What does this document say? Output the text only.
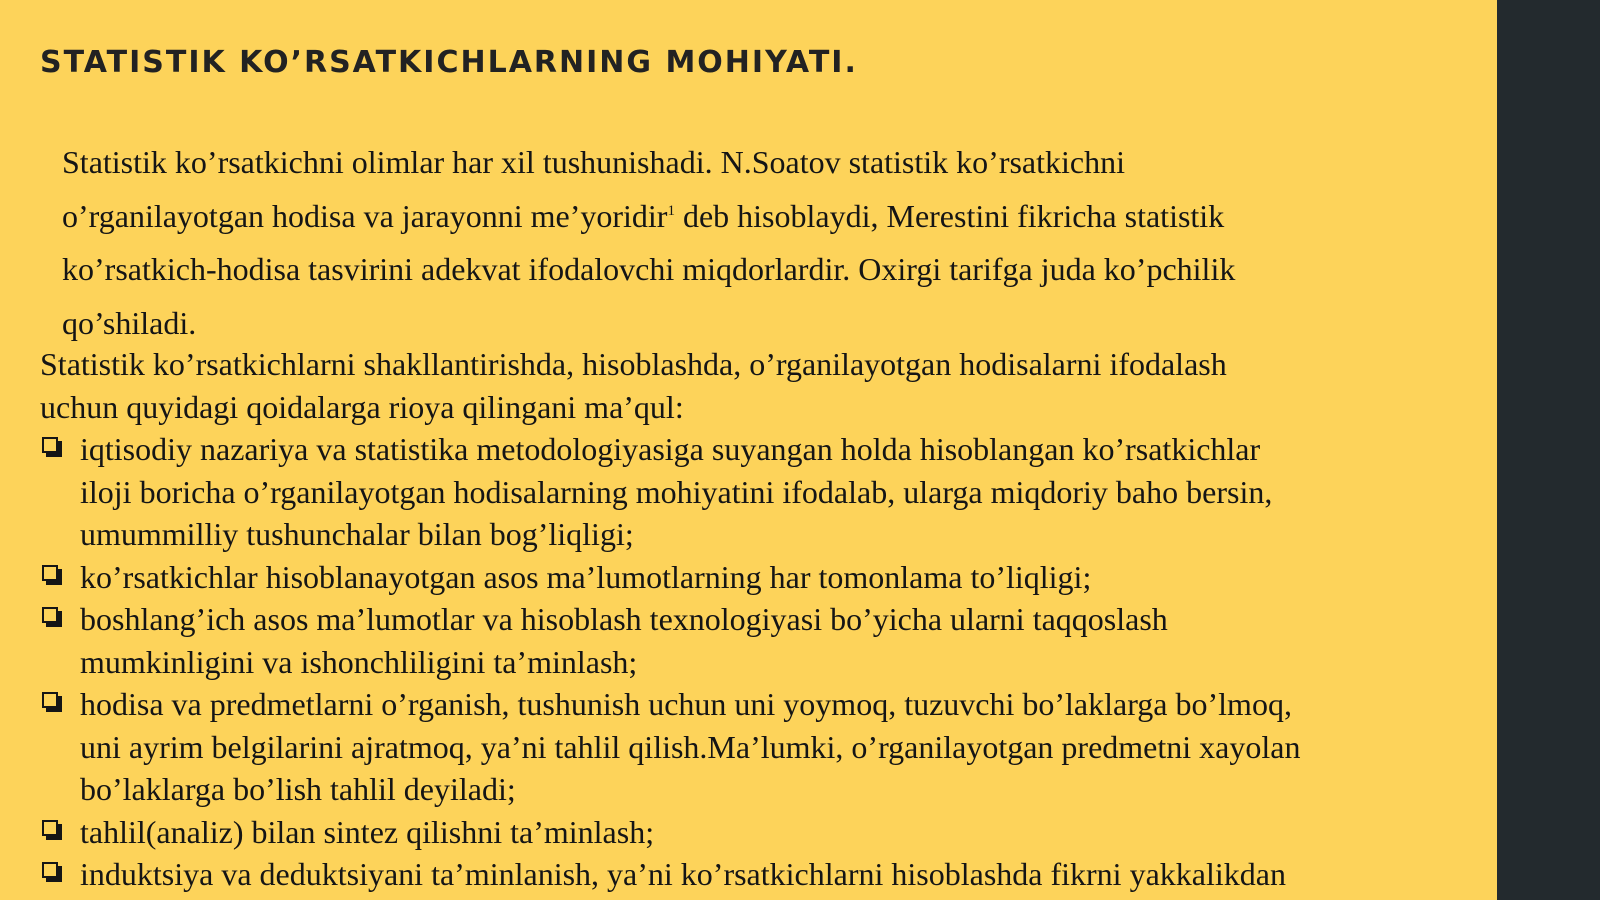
STATISTIK KO’RSATKICHLARNING MOHIYATI.
Statistik ko’rsatkichni olimlar har xil tushunishadi. N.Soatov statistik ko’rsatkichni
o’rganilayotgan hodisa va jarayonni me’yoridir$^1$ deb hisoblaydi, Merestini fikricha statistik
ko’rsatkich-hodisa tasvirini adekvat ifodalovchi miqdorlardir. Oxirgi tarifga juda ko’pchilik
qo’shiladi.
Statistik ko’rsatkichlarni shakllantirishda, hisoblashda, o’rganilayotgan hodisalarni ifodalash
uchun quyidagi qoidalarga rioya qilingani ma’qul:
iqtisodiy nazariya va statistika metodologiyasiga suyangan holda hisoblangan ko’rsatkichlar
iloji boricha o’rganilayotgan hodisalarning mohiyatini ifodalab, ularga miqdoriy baho bersin,
umummilliy tushunchalar bilan bog’liqligi;
ko’rsatkichlar hisoblanayotgan asos ma’lumotlarning har tomonlama to’liqligi;
boshlang’ich asos ma’lumotlar va hisoblash texnologiyasi bo’yicha ularni taqqoslash
mumkinligini va ishonchliligini ta’minlash;
hodisa va predmetlarni o’rganish, tushunish uchun uni yoymoq, tuzuvchi bo’laklarga bo’lmoq,
uni ayrim belgilarini ajratmoq, ya’ni tahlil qilish.Ma’lumki, o’rganilayotgan predmetni xayolan
bo’laklarga bo’lish tahlil deyiladi;
tahlil(analiz) bilan sintez qilishni ta’minlash;
induktsiya va deduktsiyani ta’minlanish, ya’ni ko’rsatkichlarni hisoblashda fikrni yakkalikdan
